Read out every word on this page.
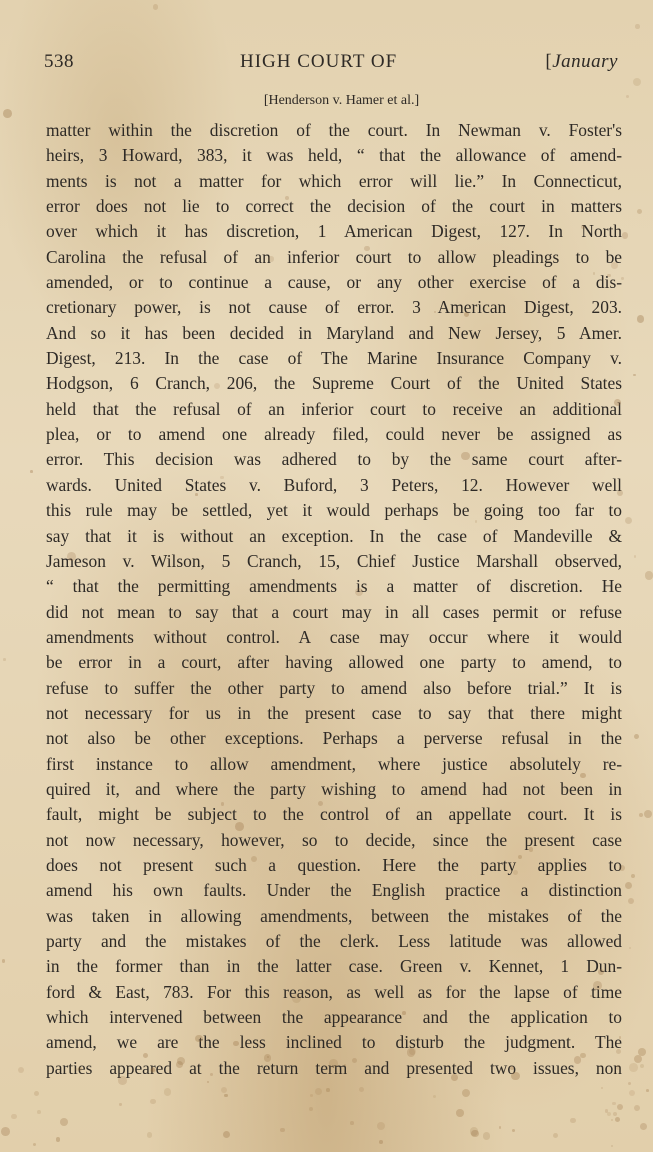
538	HIGH COURT OF	[January
[Henderson v. Hamer et al.]
matter within the discretion of the court. In Newman v. Foster's
heirs, 3 Howard, 383, it was held, “ that the allowance of amend-
ments is not a matter for which error will lie.” In Connecticut,
error does not lie to correct the decision of the court in matters
over which it has discretion, 1 American Digest, 127. In North
Carolina the refusal of an inferior court to allow pleadings to be
amended, or to continue a cause, or any other exercise of a dis-
cretionary power, is not cause of error. 3 American Digest, 203.
And so it has been decided in Maryland and New Jersey, 5 Amer.
Digest, 213. In the case of The Marine Insurance Company v.
Hodgson, 6 Cranch, 206, the Supreme Court of the United States
held that the refusal of an inferior court to receive an additional
plea, or to amend one already filed, could never be assigned as
error. This decision was adhered to by the same court after-
wards. United States v. Buford, 3 Peters, 12. However well
this rule may be settled, yet it would perhaps be going too far to
say that it is without an exception. In the case of Mandeville &
Jameson v. Wilson, 5 Cranch, 15, Chief Justice Marshall observed,
“ that the permitting amendments is a matter of discretion. He
did not mean to say that a court may in all cases permit or refuse
amendments without control. A case may occur where it would
be error in a court, after having allowed one party to amend, to
refuse to suffer the other party to amend also before trial.” It is
not necessary for us in the present case to say that there might
not also be other exceptions. Perhaps a perverse refusal in the
first instance to allow amendment, where justice absolutely re-
quired it, and where the party wishing to amend had not been in
fault, might be subject to the control of an appellate court. It is
not now necessary, however, so to decide, since the present case
does not present such a question. Here the party applies to
amend his own faults. Under the English practice a distinction
was taken in allowing amendments, between the mistakes of the
party and the mistakes of the clerk. Less latitude was allowed
in the former than in the latter case. Green v. Kennet, 1 Dun-
ford & East, 783. For this reason, as well as for the lapse of time
which intervened between the appearance and the application to
amend, we are the less inclined to disturb the judgment. The
parties appeared at the return term and presented two issues, non
